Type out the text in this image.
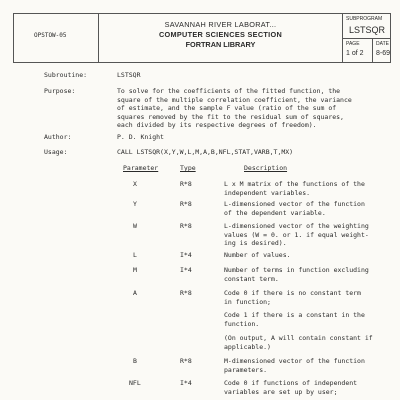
OPSTOW-05
SAVANNAH RIVER LABORAT...
COMPUTER SCIENCES SECTION
FORTRAN LIBRARY
SUBPROGRAM
LSTSQR
PAGE
1 of 2
DATE
8-69
Subroutine:	LSTSQR
Purpose:	To solve for the coefficients of the fitted function, the
square of the multiple correlation coefficient, the variance
of estimate, and the sample F value (ratio of the sum of
squares removed by the fit to the residual sum of squares,
each divided by its respective degrees of freedom).
Author:	P. D. Knight
Usage:	CALL LSTSQR(X,Y,W,L,M,A,B,NFL,STAT,VARB,T,MX)
Parameter	Type	Description
X	R*8	L x M matrix of the functions of the
independent variables.
Y	R*8	L-dimensioned vector of the function
of the dependent variable.
W	R*8	L-dimensioned vector of the weighting
values (W = 0. or 1. if equal weight-
ing is desired).
L	I*4	Number of values.
M	I*4	Number of terms in function excluding
constant term.
A	R*8	Code 0 if there is no constant term
in function;
Code 1 if there is a constant in the
function.
(On output, A will contain constant if
applicable.)
B	R*8	M-dimensioned vector of the function
parameters.
NFL	I*4	Code 0 if functions of independent
variables are set up by user;
